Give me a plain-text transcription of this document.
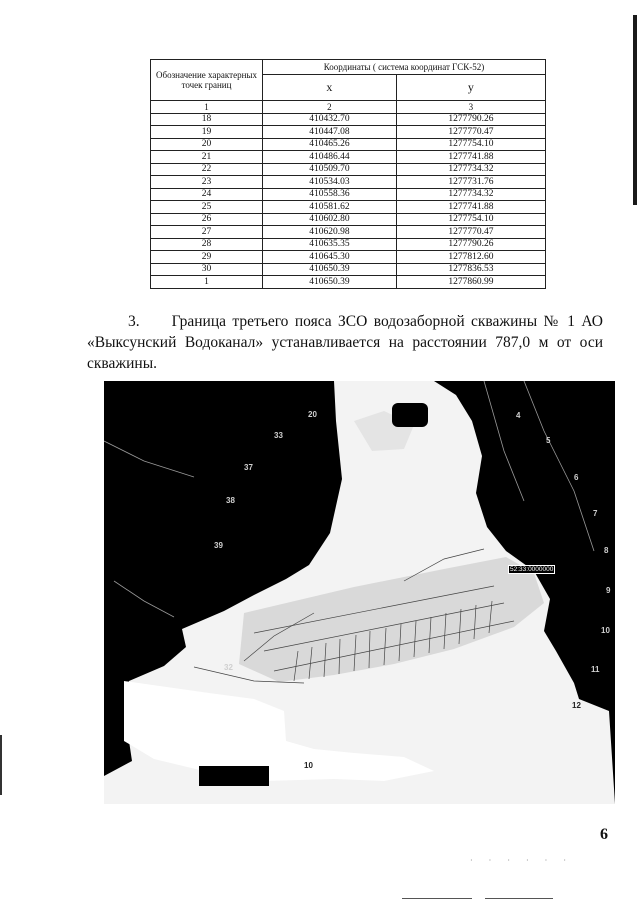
Обозначение характерных точек границ	Координаты ( система координат ГСК-52)	
	х	у
1	2	3
18	410432.70	1277790.26
19	410447.08	1277770.47
20	410465.26	1277754.10
21	410486.44	1277741.88
22	410509.70	1277734.32
23	410534.03	1277731.76
24	410558.36	1277734.32
25	410581.62	1277741.88
26	410602.80	1277754.10
27	410620.98	1277770.47
28	410635.35	1277790.26
29	410645.30	1277812.60
30	410650.39	1277836.53
1	410650.39	1277860.99
3. Граница третьего пояса ЗСО водозаборной скважины № 1 АО «Выксунский Водоканал» устанавливается на расстоянии 787,0 м от оси скважины.
20
33
37
38
39
4
5
6
7
8
9
10
11
12
32
10
52:33:0000000
6
· · · · · ·
